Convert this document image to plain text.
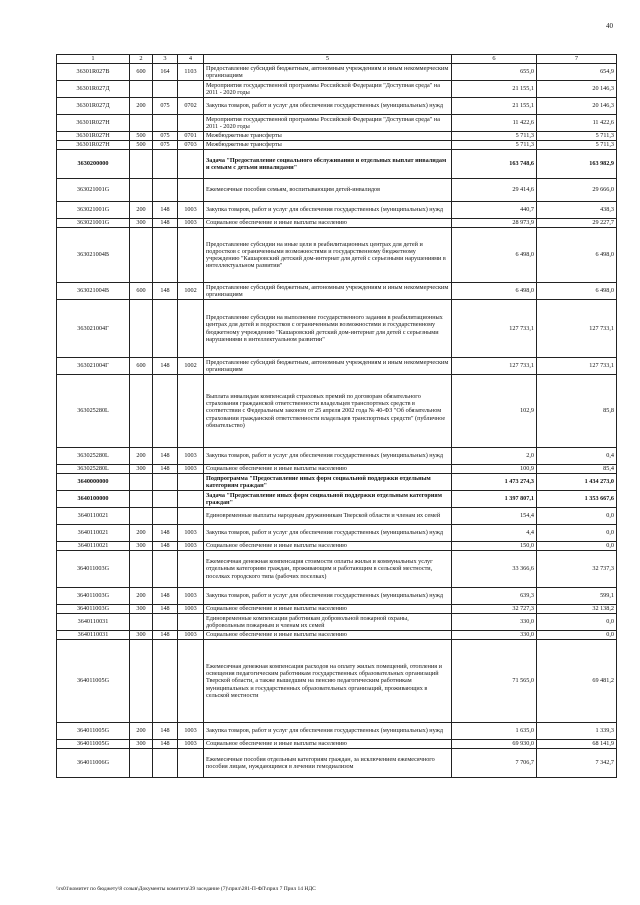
40
1	2	3	4	5	6	7
36301R027B	600	164	1103	Предоставление субсидий бюджетным, автономным учреждениям и иным некоммерческим организациям	655,0	654,9
36301R027Д				Мероприятия государственной программы Российской Федерации "Доступная среда" на 2011 - 2020 годы	21 155,1	20 146,3
36301R027Д	200	075	0702	Закупка товаров, работ и услуг для обеспечения государственных (муниципальных) нужд	21 155,1	20 146,3
36301R027H				Мероприятия государственной программы Российской Федерации "Доступная среда" на 2011 - 2020 годы	11 422,6	11 422,6
36301R027H	500	075	0701	Межбюджетные трансферты	5 711,3	5 711,3
36301R027H	500	075	0703	Межбюджетные трансферты	5 711,3	5 711,3
3630200000				Задача "Предоставление социального обслуживания и отдельных выплат инвалидам и семьям с детьми инвалидами"	163 748,6	163 982,9
363021001G				Ежемесячные пособия семьям, воспитывающим детей-инвалидов	29 414,6	29 666,0
363021001G	200	148	1003	Закупка товаров, работ и услуг для обеспечения государственных (муниципальных) нужд	440,7	438,3
363021001G	300	148	1003	Социальное обеспечение и иные выплаты населению	28 973,9	29 227,7
363021004B				Предоставление субсидии на иные цели в реабилитационных центрах для детей и подростков с ограниченными возможностями и государственному бюджетному учреждению "Кашаровский детский дом-интернат для детей с серьезными нарушениями в интеллектуальном развитии"	6 498,0	6 498,0
363021004B	600	148	1002	Предоставление субсидий бюджетным, автономным учреждениям и иным некоммерческим организациям	6 498,0	6 498,0
363021004Г				Предоставление субсидии на выполнение государственного задания в реабилитационных центрах для детей и подростков с ограниченными возможностями и государственному бюджетному учреждению "Кашаровский детский дом-интернат для детей с серьезными нарушениями в интеллектуальном развитии"	127 733,1	127 733,1
363021004Г	600	148	1002	Предоставление субсидий бюджетным, автономным учреждениям и иным некоммерческим организациям	127 733,1	127 733,1
363025280L				Выплата инвалидам компенсаций страховых премий по договорам обязательного страхования гражданской ответственности владельцев транспортных средств в соответствии с Федеральным законом от 25 апреля 2002 года № 40-ФЗ "Об обязательном страховании гражданской ответственности владельцев транспортных средств" (публичное обязательство)	102,9	85,8
363025280L	200	148	1003	Закупка товаров, работ и услуг для обеспечения государственных (муниципальных) нужд	2,0	0,4
363025280L	300	148	1003	Социальное обеспечение и иные выплаты населению	100,9	85,4
3640000000				Подпрограмма "Предоставление иных форм социальной поддержки отдельным категориям граждан"	1 473 274,3	1 434 273,0
3640100000				Задача "Предоставление иных форм социальной поддержки отдельным категориям граждан"	1 397 807,1	1 353 667,6
3640110021				Единовременные выплаты народным дружинникам Тверской области и членам их семей	154,4	0,0
3640110021	200	148	1003	Закупка товаров, работ и услуг для обеспечения государственных (муниципальных) нужд	4,4	0,0
3640110021	300	148	1003	Социальное обеспечение и иные выплаты населению	150,0	0,0
364011003G				Ежемесячная денежная компенсация стоимости оплаты жилья и коммунальных услуг отдельным категориям граждан, проживающим и работающим в сельской местности, поселках городского типа (рабочих поселках)	33 366,6	32 737,3
364011003G	200	148	1003	Закупка товаров, работ и услуг для обеспечения государственных (муниципальных) нужд	639,3	599,1
364011003G	300	148	1003	Социальное обеспечение и иные выплаты населению	32 727,3	32 138,2
3640110031				Единовременные компенсации работникам добровольной пожарной охраны, добровольным пожарным и членам их семей	330,0	0,0
3640110031	300	148	1003	Социальное обеспечение и иные выплаты населению	330,0	0,0
364011005G				Ежемесячная денежная компенсация расходов на оплату жилых помещений, отопления и освещения педагогическим работникам государственных образовательных организаций Тверской области, а также вышедшим на пенсию педагогическим работникам муниципальных и государственных образовательных организаций, проживающих в сельской местности	71 565,0	69 481,2
364011005G	200	148	1003	Закупка товаров, работ и услуг для обеспечения государственных (муниципальных) нужд	1 635,0	1 339,3
364011005G	300	148	1003	Социальное обеспечение и иные выплаты населению	69 930,0	68 141,9
364011006G				Ежемесячные пособия отдельным категориям граждан, за исключением ежемесячного пособия лицам, нуждающимся в лечении гемодиализом	7 706,7	7 342,7
\\rs01\комитет по бюджету\8 созыв\Документы комитета\39 заседание (7)\прил\281-П-ФЛ\прил 7 Прил 14 НДС
